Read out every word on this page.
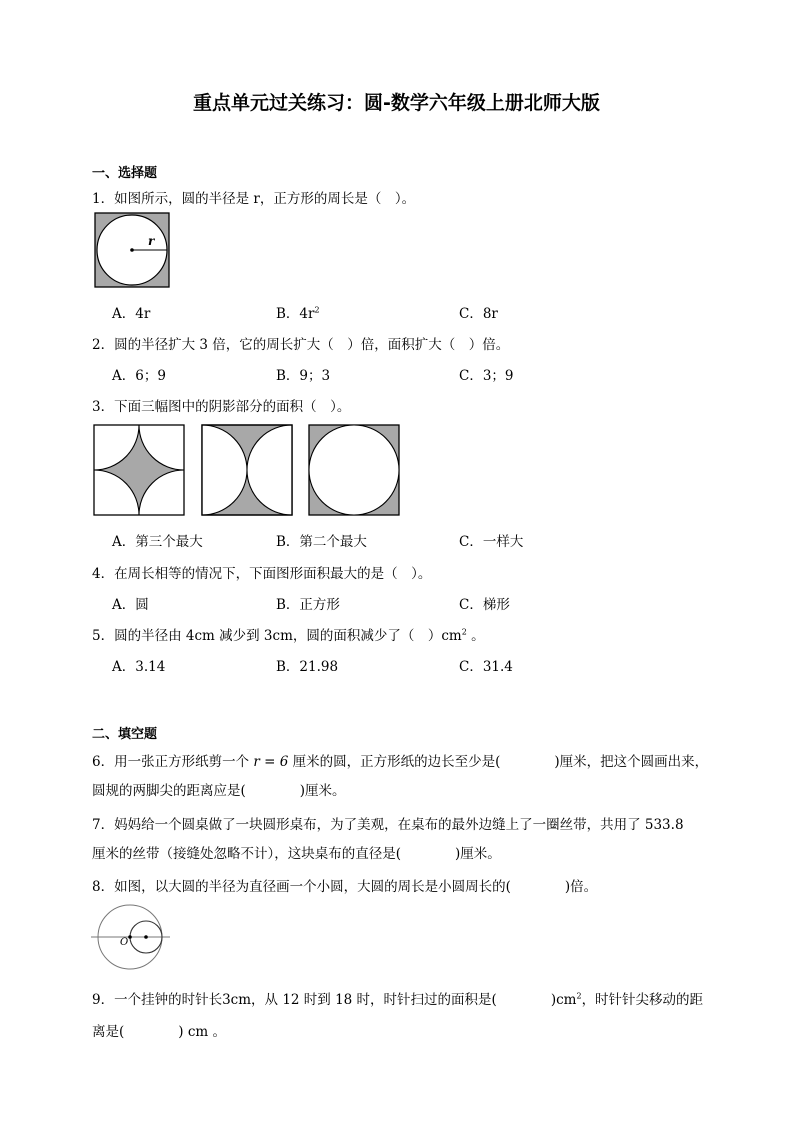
重点单元过关练习：圆-数学六年级上册北师大版
一、选择题
1．如图所示，圆的半径是 r，正方形的周长是（　）。
r
A．4r	B．$4r^2$	C．8r
2．圆的半径扩大 3 倍，它的周长扩大（　）倍，面积扩大（　）倍。
A．6；9	B．9；3	C．3；9
3．下面三幅图中的阴影部分的面积（　）。
A．第三个最大	B．第二个最大	C．一样大
4．在周长相等的情况下，下面图形面积最大的是（　）。
A．圆	B．正方形	C．梯形
5．圆的半径由 4cm 减少到 3cm，圆的面积减少了（　）$cm^2$ 。
A．3.14	B．21.98	C．31.4
二、填空题
6．用一张正方形纸剪一个 r = 6 厘米的圆，正方形纸的边长至少是(	)厘米，把这个圆画出来，
圆规的两脚尖的距离应是(	)厘米。
7．妈妈给一个圆桌做了一块圆形桌布，为了美观，在桌布的最外边缝上了一圈丝带，共用了 533.8
厘米的丝带（接缝处忽略不计），这块桌布的直径是(	)厘米。
8．如图，以大圆的半径为直径画一个小圆，大圆的周长是小圆周长的(	)倍。
O
9．一个挂钟的时针长3cm，从 12 时到 18 时，时针扫过的面积是(	)$cm^2$，时针针尖移动的距
离是(	) cm 。
